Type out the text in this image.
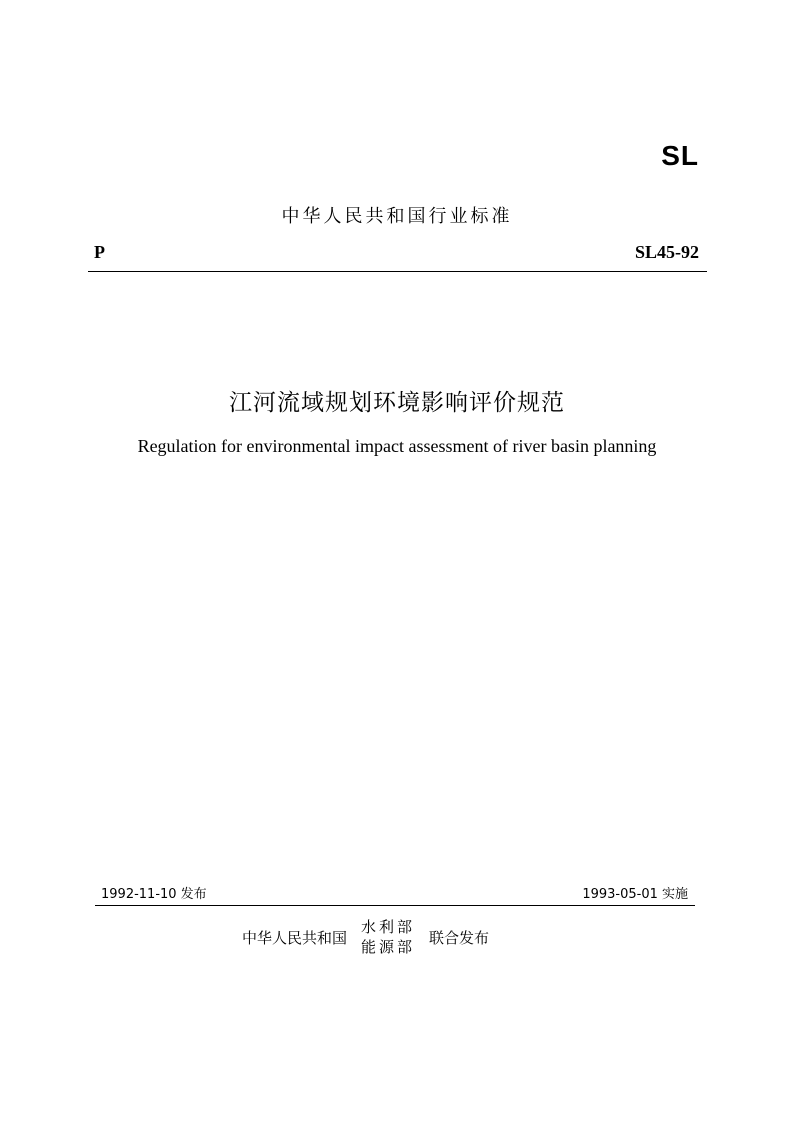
SL
中华人民共和国行业标准
P	SL45-92
江河流域规划环境影响评价规范
Regulation for environmental impact assessment of river basin planning
1992-11-10 发布	1993-05-01 实施
中华人民共和国
水利部
能源部
联合发布
